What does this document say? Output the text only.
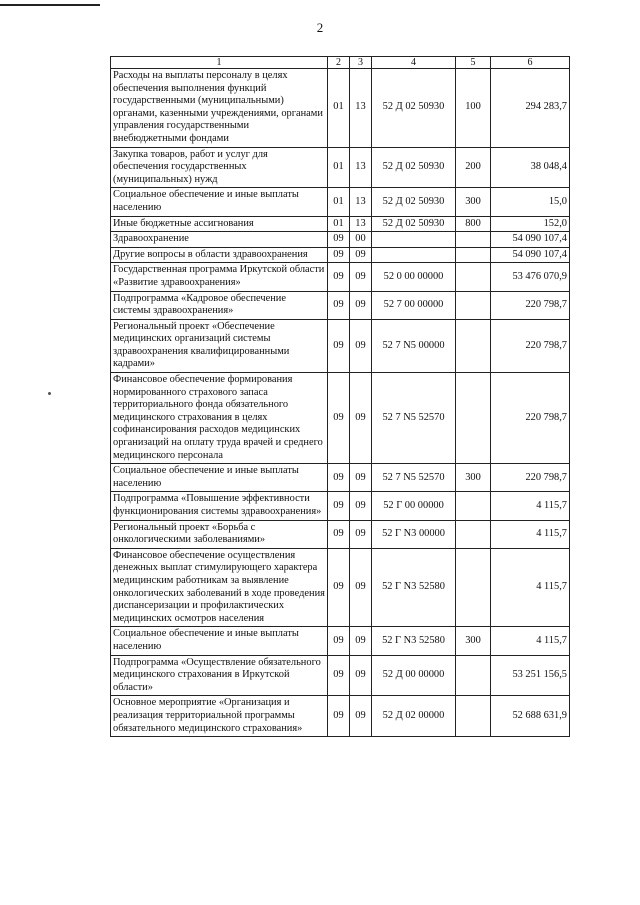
2
1	2	3	4	5	6
Расходы на выплаты персоналу в целях обеспечения выполнения функций государственными (муниципальными) органами, казенными учреждениями, органами управления государственными внебюджетными фондами	01	13	52 Д 02 50930	100	294 283,7
Закупка товаров, работ и услуг для обеспечения государственных (муниципальных) нужд	01	13	52 Д 02 50930	200	38 048,4
Социальное обеспечение и иные выплаты населению	01	13	52 Д 02 50930	300	15,0
Иные бюджетные ассигнования	01	13	52 Д 02 50930	800	152,0
Здравоохранение	09	00			54 090 107,4
Другие вопросы в области здравоохранения	09	09			54 090 107,4
Государственная программа Иркутской области «Развитие здравоохранения»	09	09	52 0 00 00000		53 476 070,9
Подпрограмма «Кадровое обеспечение системы здравоохранения»	09	09	52 7 00 00000		220 798,7
Региональный проект «Обеспечение медицинских организаций системы здравоохранения квалифицированными кадрами»	09	09	52 7 N5 00000		220 798,7
Финансовое обеспечение формирования нормированного страхового запаса территориального фонда обязательного медицинского страхования в целях софинансирования расходов медицинских организаций на оплату труда врачей и среднего медицинского персонала	09	09	52 7 N5 52570		220 798,7
Социальное обеспечение и иные выплаты населению	09	09	52 7 N5 52570	300	220 798,7
Подпрограмма «Повышение эффективности функционирования системы здравоохранения»	09	09	52 Г 00 00000		4 115,7
Региональный проект «Борьба с онкологическими заболеваниями»	09	09	52 Г N3 00000		4 115,7
Финансовое обеспечение осуществления денежных выплат стимулирующего характера медицинским работникам за выявление онкологических заболеваний в ходе проведения диспансеризации и профилактических медицинских осмотров населения	09	09	52 Г N3 52580		4 115,7
Социальное обеспечение и иные выплаты населению	09	09	52 Г N3 52580	300	4 115,7
Подпрограмма «Осуществление обязательного медицинского страхования в Иркутской области»	09	09	52 Д 00 00000		53 251 156,5
Основное мероприятие «Организация и реализация территориальной программы обязательного медицинского страхования»	09	09	52 Д 02 00000		52 688 631,9
